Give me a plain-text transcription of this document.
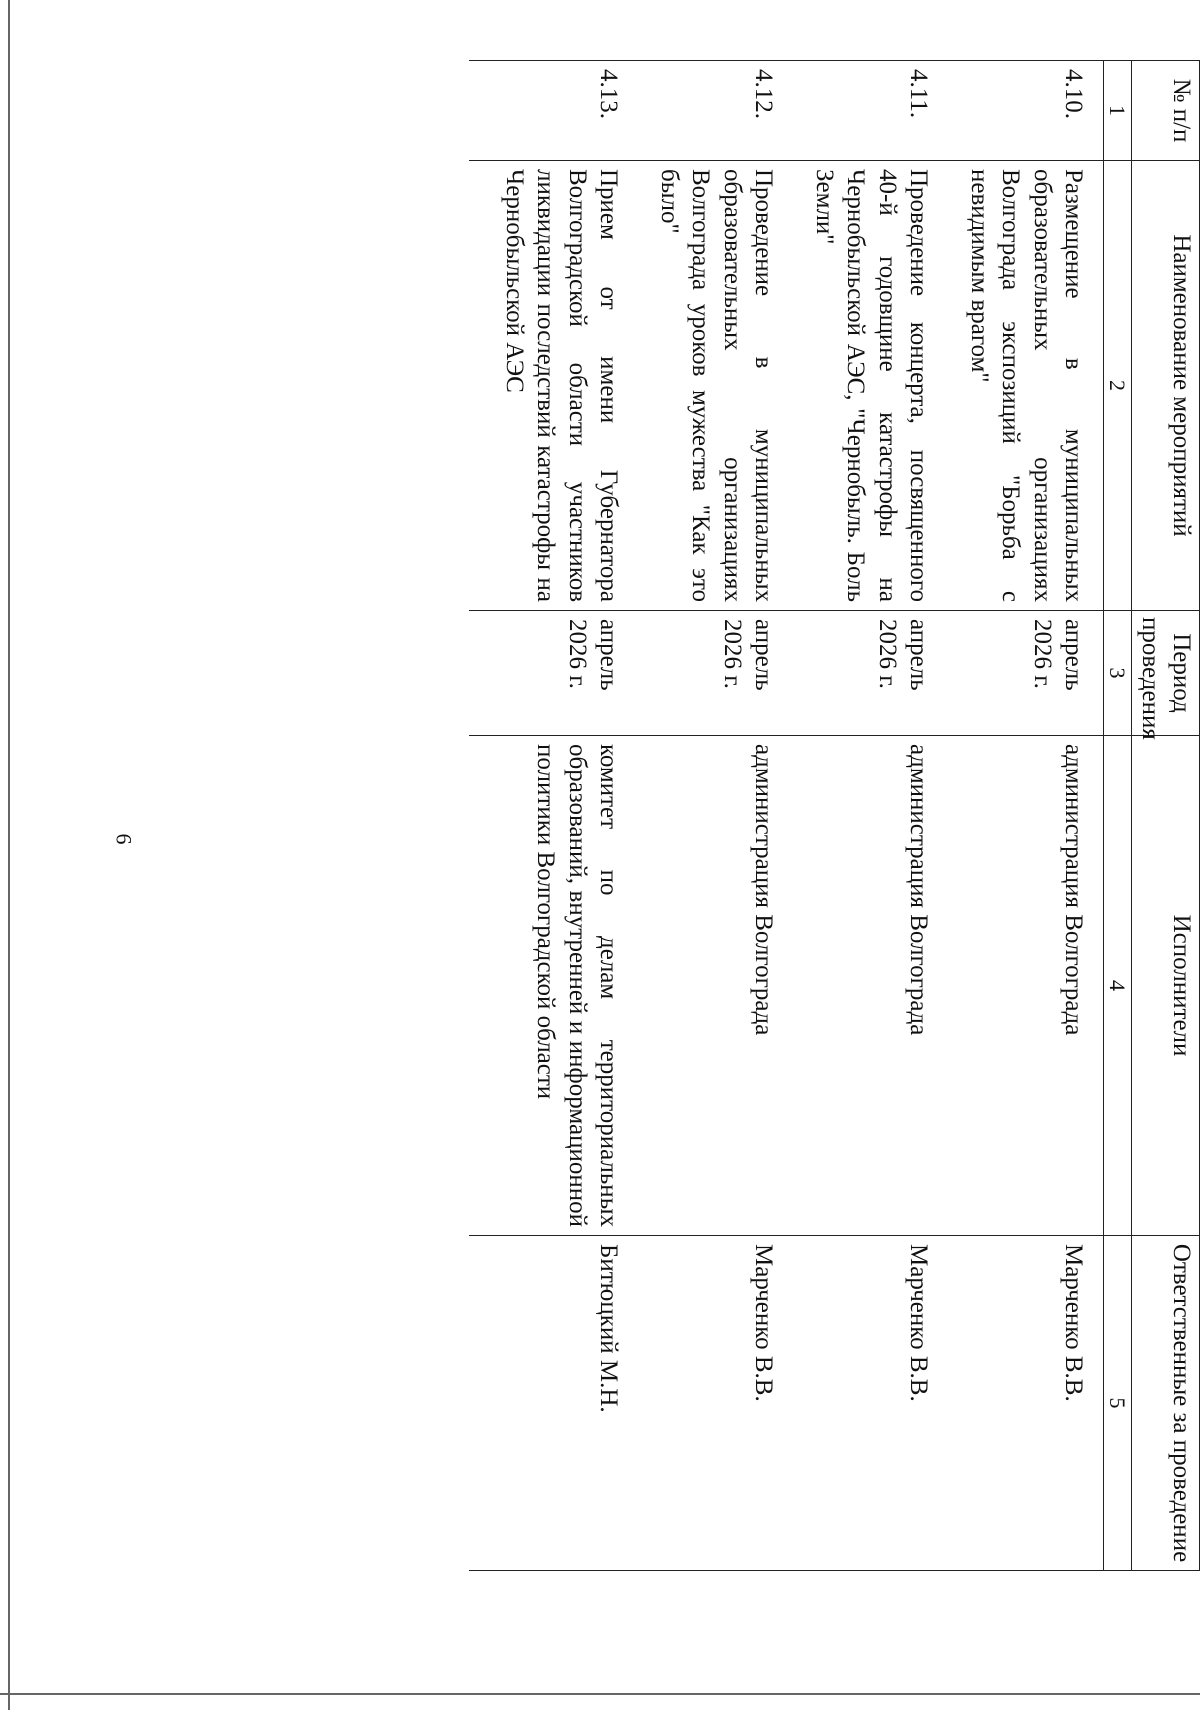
6
№ п/п	Наименование мероприятий	Период проведения	Исполнители	Ответственные за проведение
1	2	3	4	5
4.10.	Размещение в муниципальных образовательных организациях Волгограда экспозиций "Борьба с невидимым врагом"	апрель 2026 г.	администрация Волгограда	Марченко В.В.
4.11.	Проведение концерта, посвященного 40-й годовщине катастрофы на Чернобыльской АЭС, "Чернобыль. Боль Земли"	апрель 2026 г.	администрация Волгограда	Марченко В.В.
4.12.	Проведение в муниципальных образовательных организациях Волгограда уроков мужества "Как это было"	апрель 2026 г.	администрация Волгограда	Марченко В.В.
4.13.	Прием от имени Губернатора Волгоградской области участников ликвидации последствий катастрофы на Чернобыльской АЭС	апрель 2026 г.	комитет по делам территориальных образований, внутренней и информационной политики Волгоградской области	Битюцкий М.Н.
